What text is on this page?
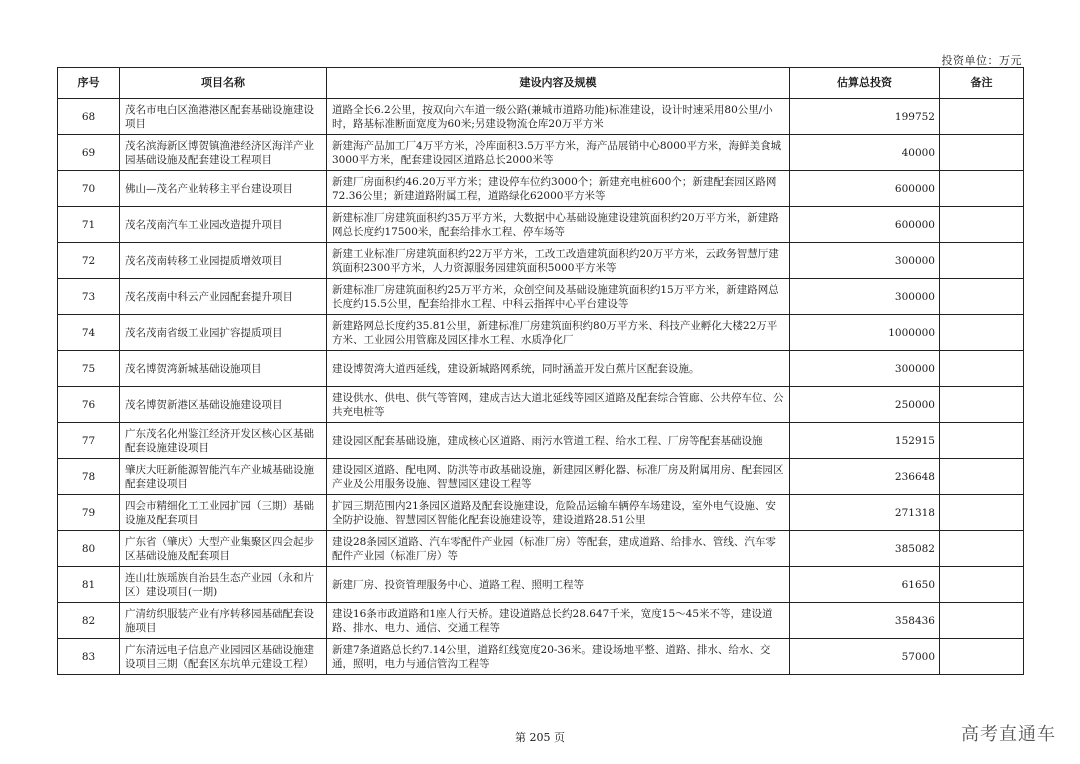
投资单位：万元
序号	项目名称	建设内容及规模	估算总投资	备注
68	茂名市电白区渔港港区配套基础设施建设项目	道路全长6.2公里，按双向六车道一级公路(兼城市道路功能)标准建设，设计时速采用80公里/小时，路基标准断面宽度为60米;另建设物流仓库20万平方米	199752	
69	茂名滨海新区博贺镇渔港经济区海洋产业园基础设施及配套建设工程项目	新建海产品加工厂4万平方米，冷库面积3.5万平方米，海产品展销中心8000平方米，海鲜美食城3000平方米，配套建设园区道路总长2000米等	40000	
70	佛山—茂名产业转移主平台建设项目	新建厂房面积约46.20万平方米；建设停车位约3000个；新建充电桩600个；新建配套园区路网72.36公里；新建道路附属工程，道路绿化62000平方米等	600000	
71	茂名茂南汽车工业园改造提升项目	新建标准厂房建筑面积约35万平方米，大数据中心基础设施建设建筑面积约20万平方米，新建路网总长度约17500米，配套给排水工程、停车场等	600000	
72	茂名茂南转移工业园提质增效项目	新建工业标准厂房建筑面积约22万平方米，工改工改造建筑面积约20万平方米，云政务智慧厅建筑面积2300平方米，人力资源服务园建筑面积5000平方米等	300000	
73	茂名茂南中科云产业园配套提升项目	新建标准厂房建筑面积约25万平方米，众创空间及基础设施建筑面积约15万平方米，新建路网总长度约15.5公里，配套给排水工程、中科云指挥中心平台建设等	300000	
74	茂名茂南省级工业园扩容提质项目	新建路网总长度约35.81公里，新建标准厂房建筑面积约80万平方米、科技产业孵化大楼22万平方米、工业园公用管廊及园区排水工程、水质净化厂	1000000	
75	茂名博贺湾新城基础设施项目	建设博贺湾大道西延线，建设新城路网系统，同时涵盖开发白蕉片区配套设施。	300000	
76	茂名博贺新港区基础设施建设项目	建设供水、供电、供气等管网，建成吉达大道北延线等园区道路及配套综合管廊、公共停车位、公共充电桩等	250000	
77	广东茂名化州鉴江经济开发区核心区基础配套设施建设项目	建设园区配套基础设施，建成核心区道路、雨污水管道工程、给水工程、厂房等配套基础设施	152915	
78	肇庆大旺新能源智能汽车产业城基础设施配套建设项目	建设园区道路、配电网、防洪等市政基础设施，新建园区孵化器、标准厂房及附属用房、配套园区产业及公用服务设施、智慧园区建设工程等	236648	
79	四会市精细化工工业园扩园（三期）基础设施及配套项目	扩园三期范围内21条园区道路及配套设施建设，危险品运输车辆停车场建设，室外电气设施、安全防护设施、智慧园区智能化配套设施建设等，建设道路28.51公里	271318	
80	广东省（肇庆）大型产业集聚区四会起步区基础设施及配套项目	建设28条园区道路、汽车零配件产业园（标准厂房）等配套，建成道路、给排水、管线、汽车零配件产业园（标准厂房）等	385082	
81	连山壮族瑶族自治县生态产业园（永和片区）建设项目(一期)	新建厂房、投资管理服务中心、道路工程、照明工程等	61650	
82	广清纺织服装产业有序转移园基础配套设施项目	建设16条市政道路和1座人行天桥。建设道路总长约28.647千米，宽度15～45米不等，建设道路、排水、电力、通信、交通工程等	358436	
83	广东清远电子信息产业园园区基础设施建设项目三期（配套区东坑单元建设工程）	新建7条道路总长约7.14公里，道路红线宽度20-36米。建设场地平整、道路、排水、给水、交通，照明，电力与通信管沟工程等	57000	
第 205 页	高考直通车
